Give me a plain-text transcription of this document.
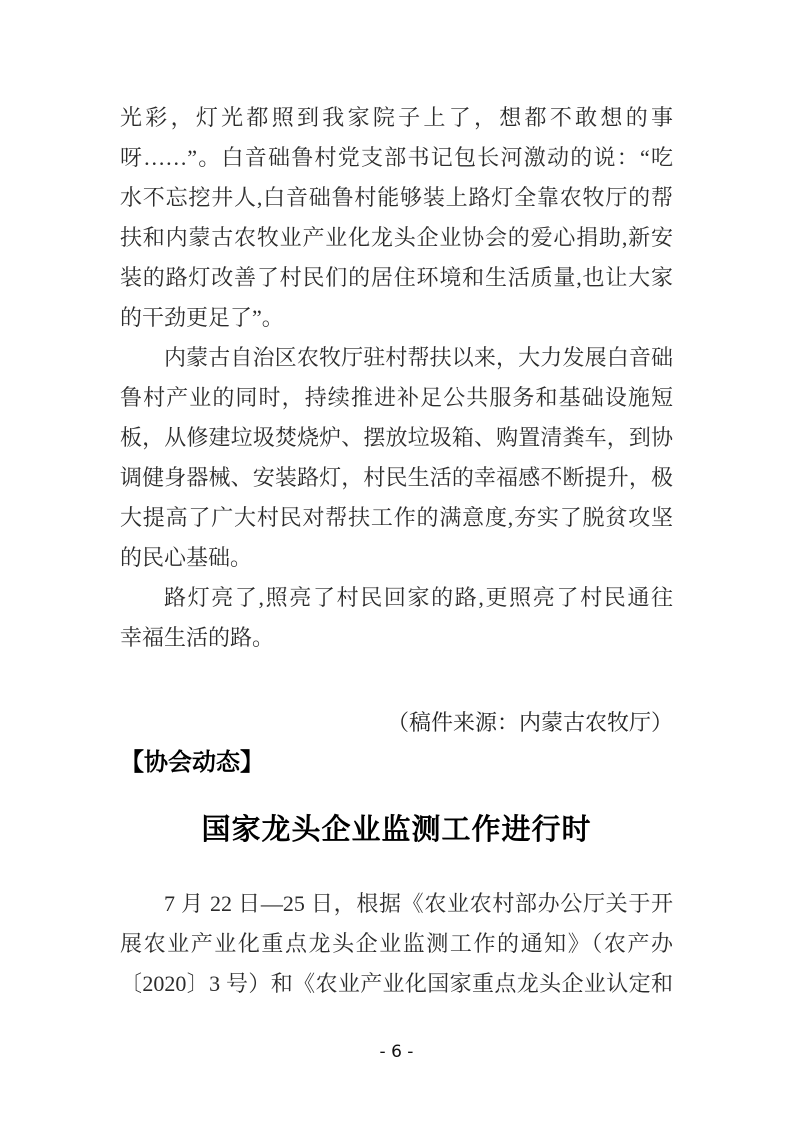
光彩，灯光都照到我家院子上了，想都不敢想的事
呀……”。白音础鲁村党支部书记包长河激动的说：“吃
水不忘挖井人,白音础鲁村能够装上路灯全靠农牧厅的帮
扶和内蒙古农牧业产业化龙头企业协会的爱心捐助,新安
装的路灯改善了村民们的居住环境和生活质量,也让大家
的干劲更足了”。
内蒙古自治区农牧厅驻村帮扶以来，大力发展白音础
鲁村产业的同时，持续推进补足公共服务和基础设施短
板，从修建垃圾焚烧炉、摆放垃圾箱、购置清粪车，到协
调健身器械、安装路灯，村民生活的幸福感不断提升，极
大提高了广大村民对帮扶工作的满意度,夯实了脱贫攻坚
的民心基础。
路灯亮了,照亮了村民回家的路,更照亮了村民通往
幸福生活的路。
（稿件来源：内蒙古农牧厅）
【协会动态】
国家龙头企业监测工作进行时
7 月 22 日—25 日，根据《农业农村部办公厅关于开
展农业产业化重点龙头企业监测工作的通知》（农产办
〔2020〕3 号）和《农业产业化国家重点龙头企业认定和
- 6 -
